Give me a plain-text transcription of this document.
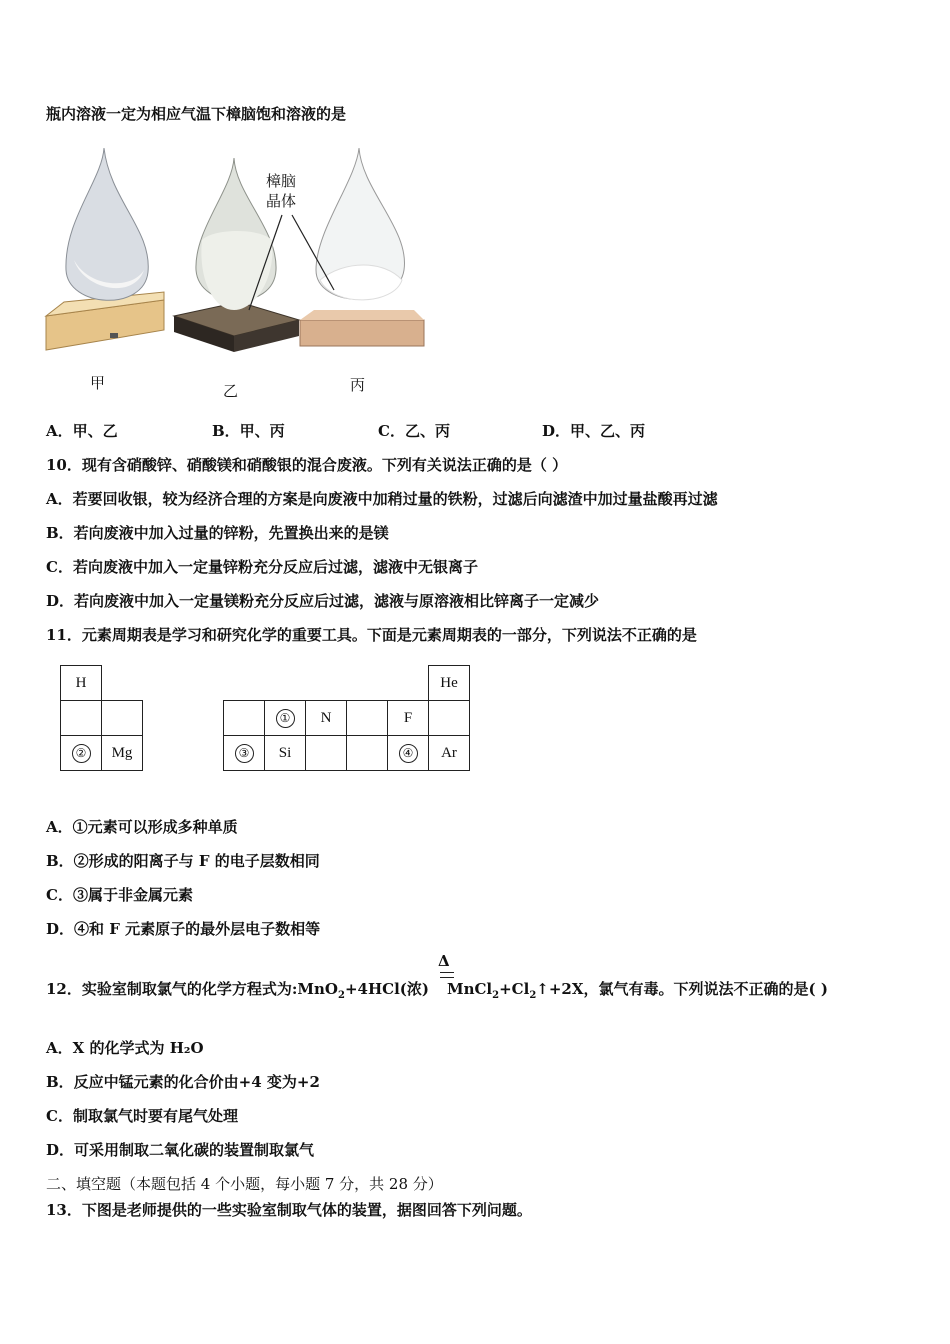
瓶内溶液一定为相应气温下樟脑饱和溶液的是
樟脑
晶体
甲	乙	丙
A．甲、乙	B．甲、丙	C．乙、丙	D．甲、乙、丙
10．现有含硝酸锌、硝酸镁和硝酸银的混合废液。下列有关说法正确的是（ ）
A．若要回收银，较为经济合理的方案是向废液中加稍过量的铁粉，过滤后向滤渣中加过量盐酸再过滤
B．若向废液中加入过量的锌粉，先置换出来的是镁
C．若向废液中加入一定量锌粉充分反应后过滤，滤液中无银离子
D．若向废液中加入一定量镁粉充分反应后过滤，滤液与原溶液相比锌离子一定减少
11．元素周期表是学习和研究化学的重要工具。下面是元素周期表的一部分，下列说法不正确的是
H									He
					①	N		F	
②	Mg			③	Si			④	Ar
A．①元素可以形成多种单质
B．②形成的阳离子与 F 的电子层数相同
C．③属于非金属元素
D．④和 F 元素原子的最外层电子数相等
Δ
12．实验室制取氯气的化学方程式为:MnO$_2$+4HCl(浓) $MnCl_2+Cl_2↑+2X$，氯气有毒。下列说法不正确的是( )
A．X 的化学式为 H₂O
B．反应中锰元素的化合价由+4 变为+2
C．制取氯气时要有尾气处理
D．可采用制取二氧化碳的装置制取氯气
二、填空题（本题包括 4 个小题，每小题 7 分，共 28 分）
13．下图是老师提供的一些实验室制取气体的装置，据图回答下列问题。
